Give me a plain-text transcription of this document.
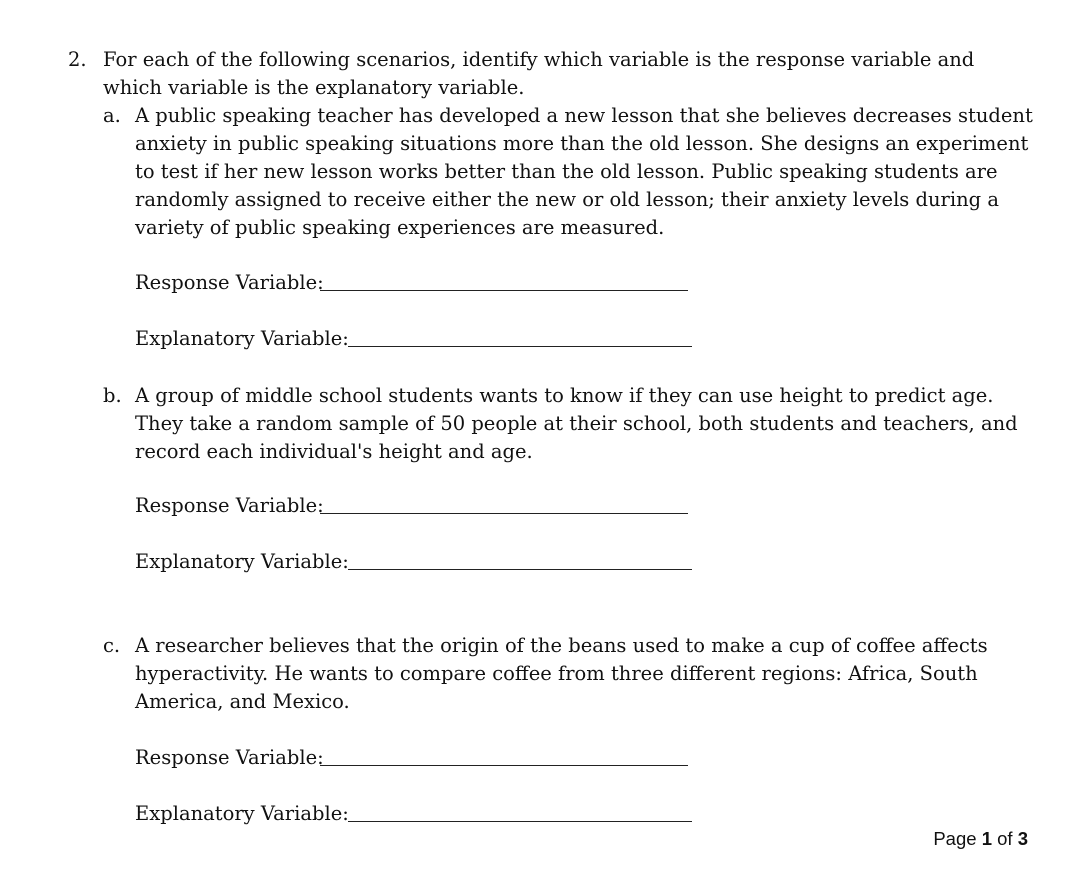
2. For each of the following scenarios, identify which variable is the response variable and which variable is the explanatory variable.
a. A public speaking teacher has developed a new lesson that she believes decreases student anxiety in public speaking situations more than the old lesson. She designs an experiment to test if her new lesson works better than the old lesson. Public speaking students are randomly assigned to receive either the new or old lesson; their anxiety levels during a variety of public speaking experiences are measured.
Response Variable:
Explanatory Variable:
b. A group of middle school students wants to know if they can use height to predict age. They take a random sample of 50 people at their school, both students and teachers, and record each individual's height and age.
Response Variable:
Explanatory Variable:
c. A researcher believes that the origin of the beans used to make a cup of coffee affects hyperactivity. He wants to compare coffee from three different regions: Africa, South America, and Mexico.
Response Variable:
Explanatory Variable:
Page 1 of 3
